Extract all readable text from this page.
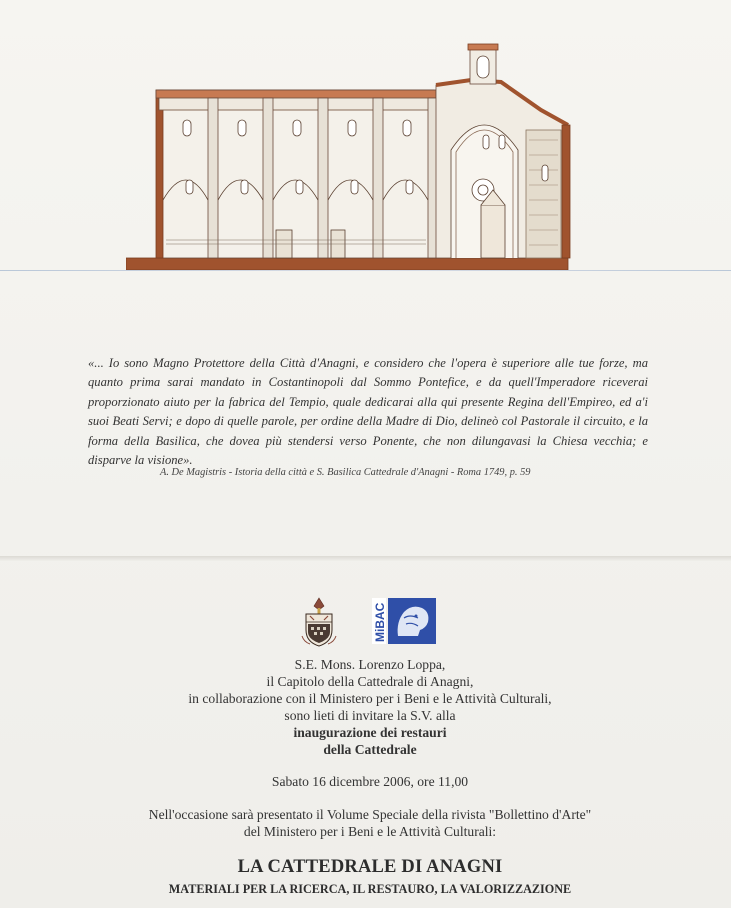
«... Io sono Magno Protettore della Città d'Anagni, e considero che l'opera è superiore alle tue forze, ma quanto prima sarai mandato in Costantinopoli dal Sommo Pontefice, e da quell'Imperadore riceverai proporzionato aiuto per la fabrica del Tempio, quale dedicarai alla qui presente Regina dell'Empireo, ed a'i suoi Beati Servi; e dopo di quelle parole, per ordine della Madre di Dio, delineò col Pastorale il circuito, e la forma della Basilica, che dovea più stendersi verso Ponente, che non dilungavasi la Chiesa vecchia; e disparve la visione».
A. De Magistris - Istoria della città e S. Basilica Cattedrale d'Anagni - Roma 1749, p. 59
MiBAC
S.E. Mons. Lorenzo Loppa,
il Capitolo della Cattedrale di Anagni,
in collaborazione con il Ministero per i Beni e le Attività Culturali,
sono lieti di invitare la S.V. alla
inaugurazione dei restauri
della Cattedrale
Sabato 16 dicembre 2006, ore 11,00
Nell'occasione sarà presentato il Volume Speciale della rivista "Bollettino d'Arte"
del Ministero per i Beni e le Attività Culturali:
LA CATTEDRALE DI ANAGNI
MATERIALI PER LA RICERCA, IL RESTAURO, LA VALORIZZAZIONE
